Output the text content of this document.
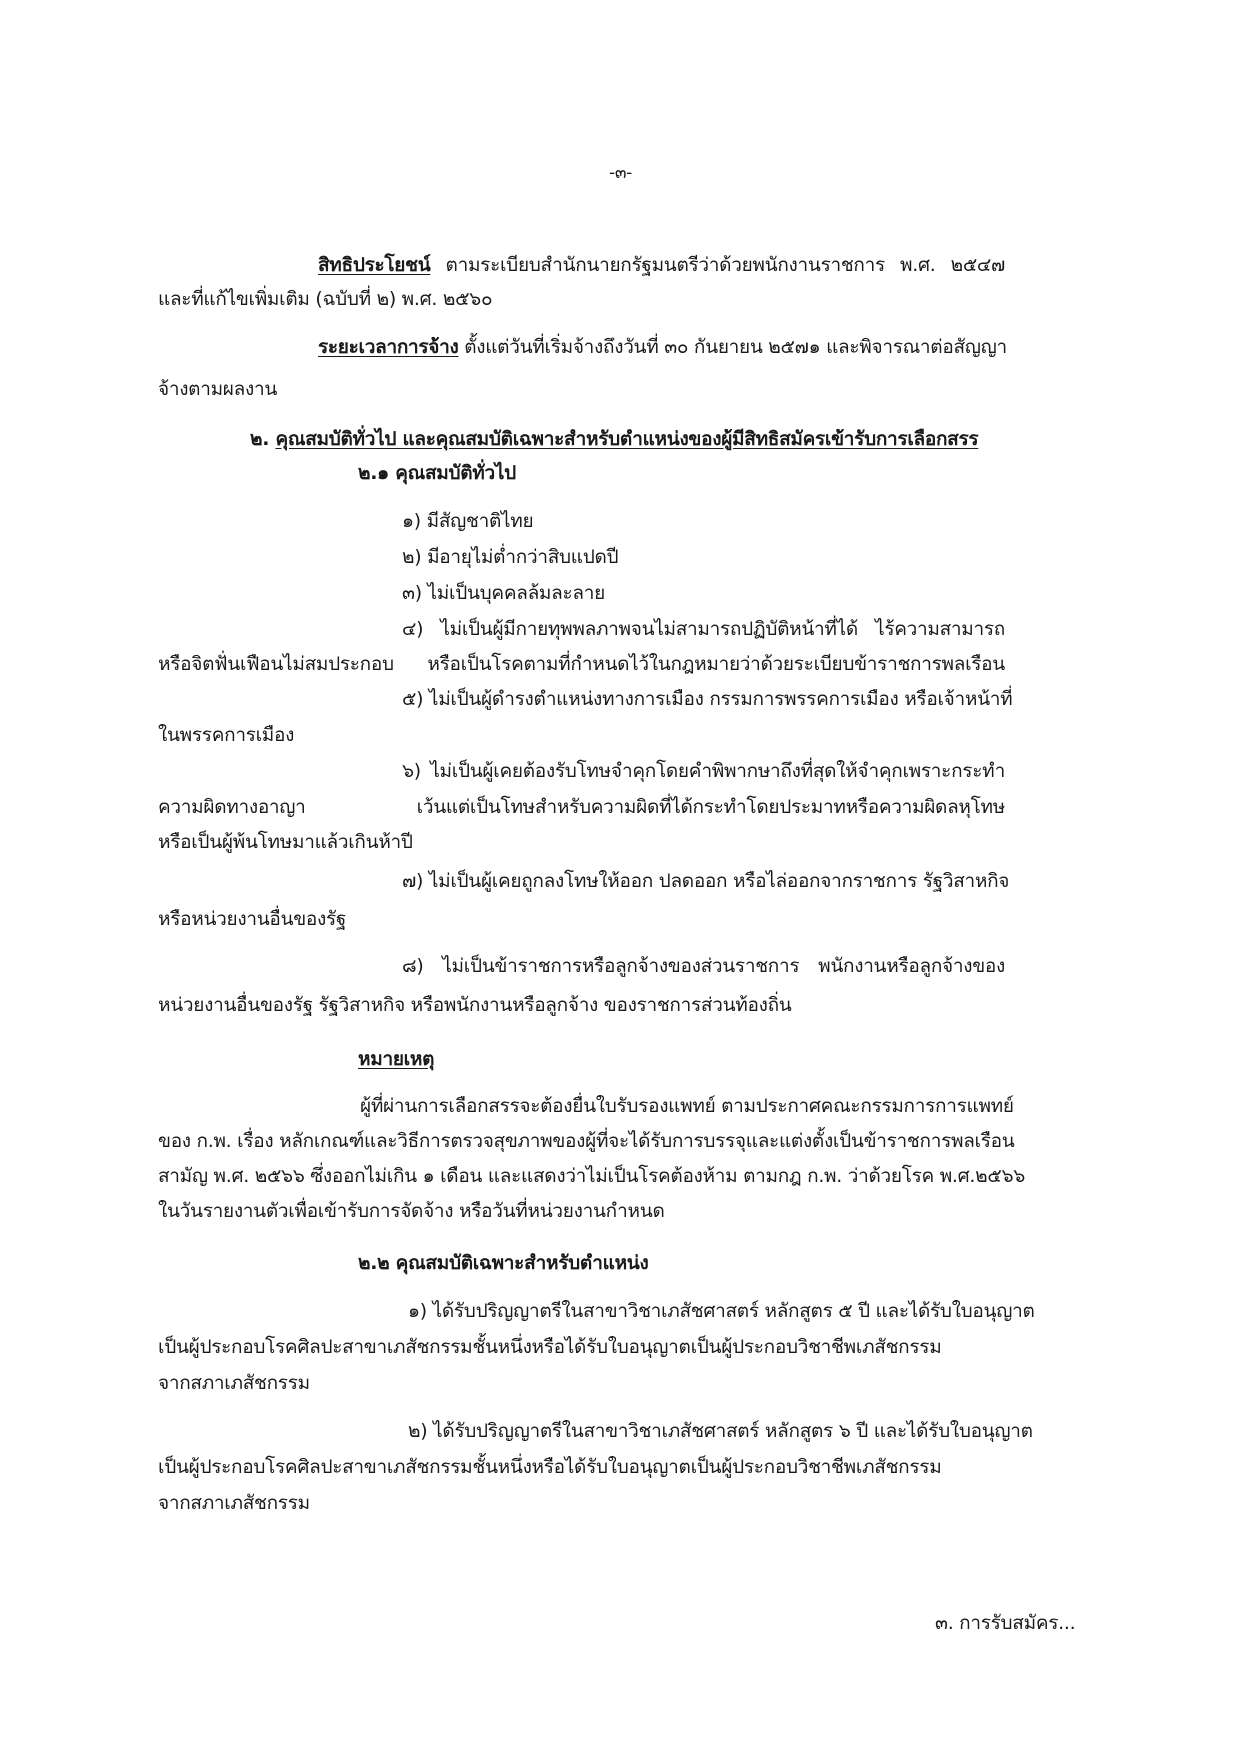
-๓-
สิทธิประโยชน์ ตามระเบียบสำนักนายกรัฐมนตรีว่าด้วยพนักงานราชการ พ.ศ. ๒๕๔๗
และที่แก้ไขเพิ่มเติม (ฉบับที่ ๒) พ.ศ. ๒๕๖๐
ระยะเวลาการจ้าง ตั้งแต่วันที่เริ่มจ้างถึงวันที่ ๓๐ กันยายน ๒๕๗๑ และพิจารณาต่อสัญญา
จ้างตามผลงาน
๒. คุณสมบัติทั่วไป และคุณสมบัติเฉพาะสำหรับตำแหน่งของผู้มีสิทธิสมัครเข้ารับการเลือกสรร
๒.๑ คุณสมบัติทั่วไป
๑) มีสัญชาติไทย
๒) มีอายุไม่ต่ำกว่าสิบแปดปี
๓) ไม่เป็นบุคคลล้มละลาย
๔) ไม่เป็นผู้มีกายทุพพลภาพจนไม่สามารถปฏิบัติหน้าที่ได้ ไร้ความสามารถ
หรือจิตฟั่นเฟือนไม่สมประกอบ หรือเป็นโรคตามที่กำหนดไว้ในกฎหมายว่าด้วยระเบียบข้าราชการพลเรือน
๕) ไม่เป็นผู้ดำรงตำแหน่งทางการเมือง กรรมการพรรคการเมือง หรือเจ้าหน้าที่
ในพรรคการเมือง
๖) ไม่เป็นผู้เคยต้องรับโทษจำคุกโดยคำพิพากษาถึงที่สุดให้จำคุกเพราะกระทำ
ความผิดทางอาญา เว้นแต่เป็นโทษสำหรับความผิดที่ได้กระทำโดยประมาทหรือความผิดลหุโทษ
หรือเป็นผู้พ้นโทษมาแล้วเกินห้าปี
๗) ไม่เป็นผู้เคยถูกลงโทษให้ออก ปลดออก หรือไล่ออกจากราชการ รัฐวิสาหกิจ
หรือหน่วยงานอื่นของรัฐ
๘) ไม่เป็นข้าราชการหรือลูกจ้างของส่วนราชการ พนักงานหรือลูกจ้างของ
หน่วยงานอื่นของรัฐ รัฐวิสาหกิจ หรือพนักงานหรือลูกจ้าง ของราชการส่วนท้องถิ่น
หมายเหตุ
ผู้ที่ผ่านการเลือกสรรจะต้องยื่นใบรับรองแพทย์ ตามประกาศคณะกรรมการการแพทย์
ของ ก.พ. เรื่อง หลักเกณฑ์และวิธีการตรวจสุขภาพของผู้ที่จะได้รับการบรรจุและแต่งตั้งเป็นข้าราชการพลเรือน
สามัญ พ.ศ. ๒๕๖๖ ซึ่งออกไม่เกิน ๑ เดือน และแสดงว่าไม่เป็นโรคต้องห้าม ตามกฎ ก.พ. ว่าด้วยโรค พ.ศ.๒๕๖๖
ในวันรายงานตัวเพื่อเข้ารับการจัดจ้าง หรือวันที่หน่วยงานกำหนด
๒.๒ คุณสมบัติเฉพาะสำหรับตำแหน่ง
๑) ได้รับปริญญาตรีในสาขาวิชาเภสัชศาสตร์ หลักสูตร ๕ ปี และได้รับใบอนุญาต
เป็นผู้ประกอบโรคศิลปะสาขาเภสัชกรรมชั้นหนึ่งหรือได้รับใบอนุญาตเป็นผู้ประกอบวิชาชีพเภสัชกรรม
จากสภาเภสัชกรรม
๒) ได้รับปริญญาตรีในสาขาวิชาเภสัชศาสตร์ หลักสูตร ๖ ปี และได้รับใบอนุญาต
เป็นผู้ประกอบโรคศิลปะสาขาเภสัชกรรมชั้นหนึ่งหรือได้รับใบอนุญาตเป็นผู้ประกอบวิชาชีพเภสัชกรรม
จากสภาเภสัชกรรม
๓. การรับสมัคร...
